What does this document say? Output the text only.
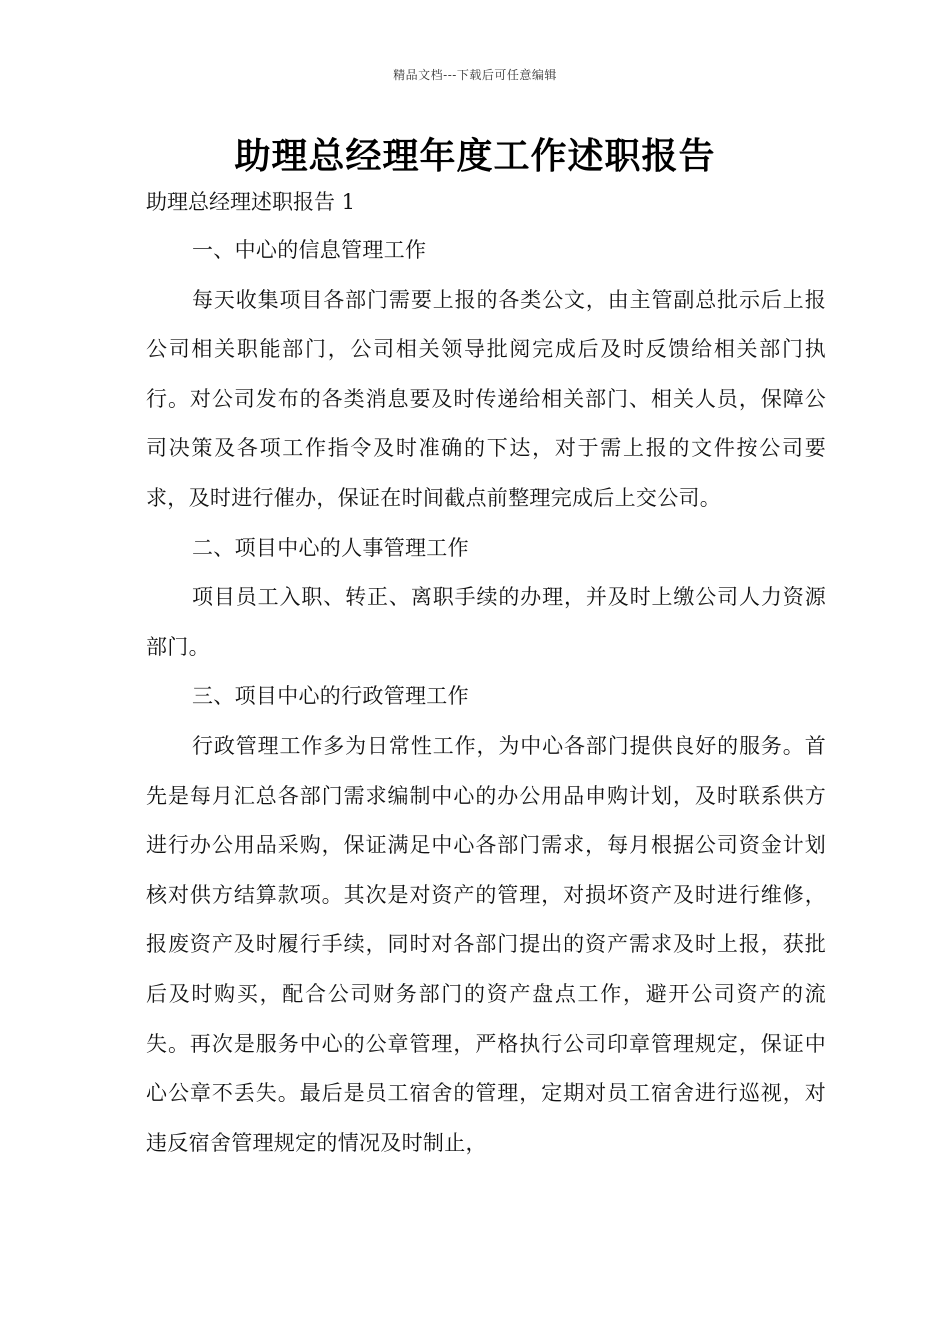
精品文档---下载后可任意编辑
助理总经理年度工作述职报告

助理总经理述职报告 1

一、中心的信息管理工作

每天收集项目各部门需要上报的各类公文，由主管副总批示后上报公司相关职能部门，公司相关领导批阅完成后及时反馈给相关部门执行。对公司发布的各类消息要及时传递给相关部门、相关人员，保障公司决策及各项工作指令及时准确的下达，对于需上报的文件按公司要求，及时进行催办，保证在时间截点前整理完成后上交公司。

二、项目中心的人事管理工作

项目员工入职、转正、离职手续的办理，并及时上缴公司人力资源部门。

三、项目中心的行政管理工作

行政管理工作多为日常性工作，为中心各部门提供良好的服务。首先是每月汇总各部门需求编制中心的办公用品申购计划，及时联系供方进行办公用品采购，保证满足中心各部门需求，每月根据公司资金计划核对供方结算款项。其次是对资产的管理，对损坏资产及时进行维修，报废资产及时履行手续，同时对各部门提出的资产需求及时上报，获批后及时购买，配合公司财务部门的资产盘点工作，避开公司资产的流失。再次是服务中心的公章管理，严格执行公司印章管理规定，保证中心公章不丢失。最后是员工宿舍的管理，定期对员工宿舍进行巡视，对违反宿舍管理规定的情况及时制止，
